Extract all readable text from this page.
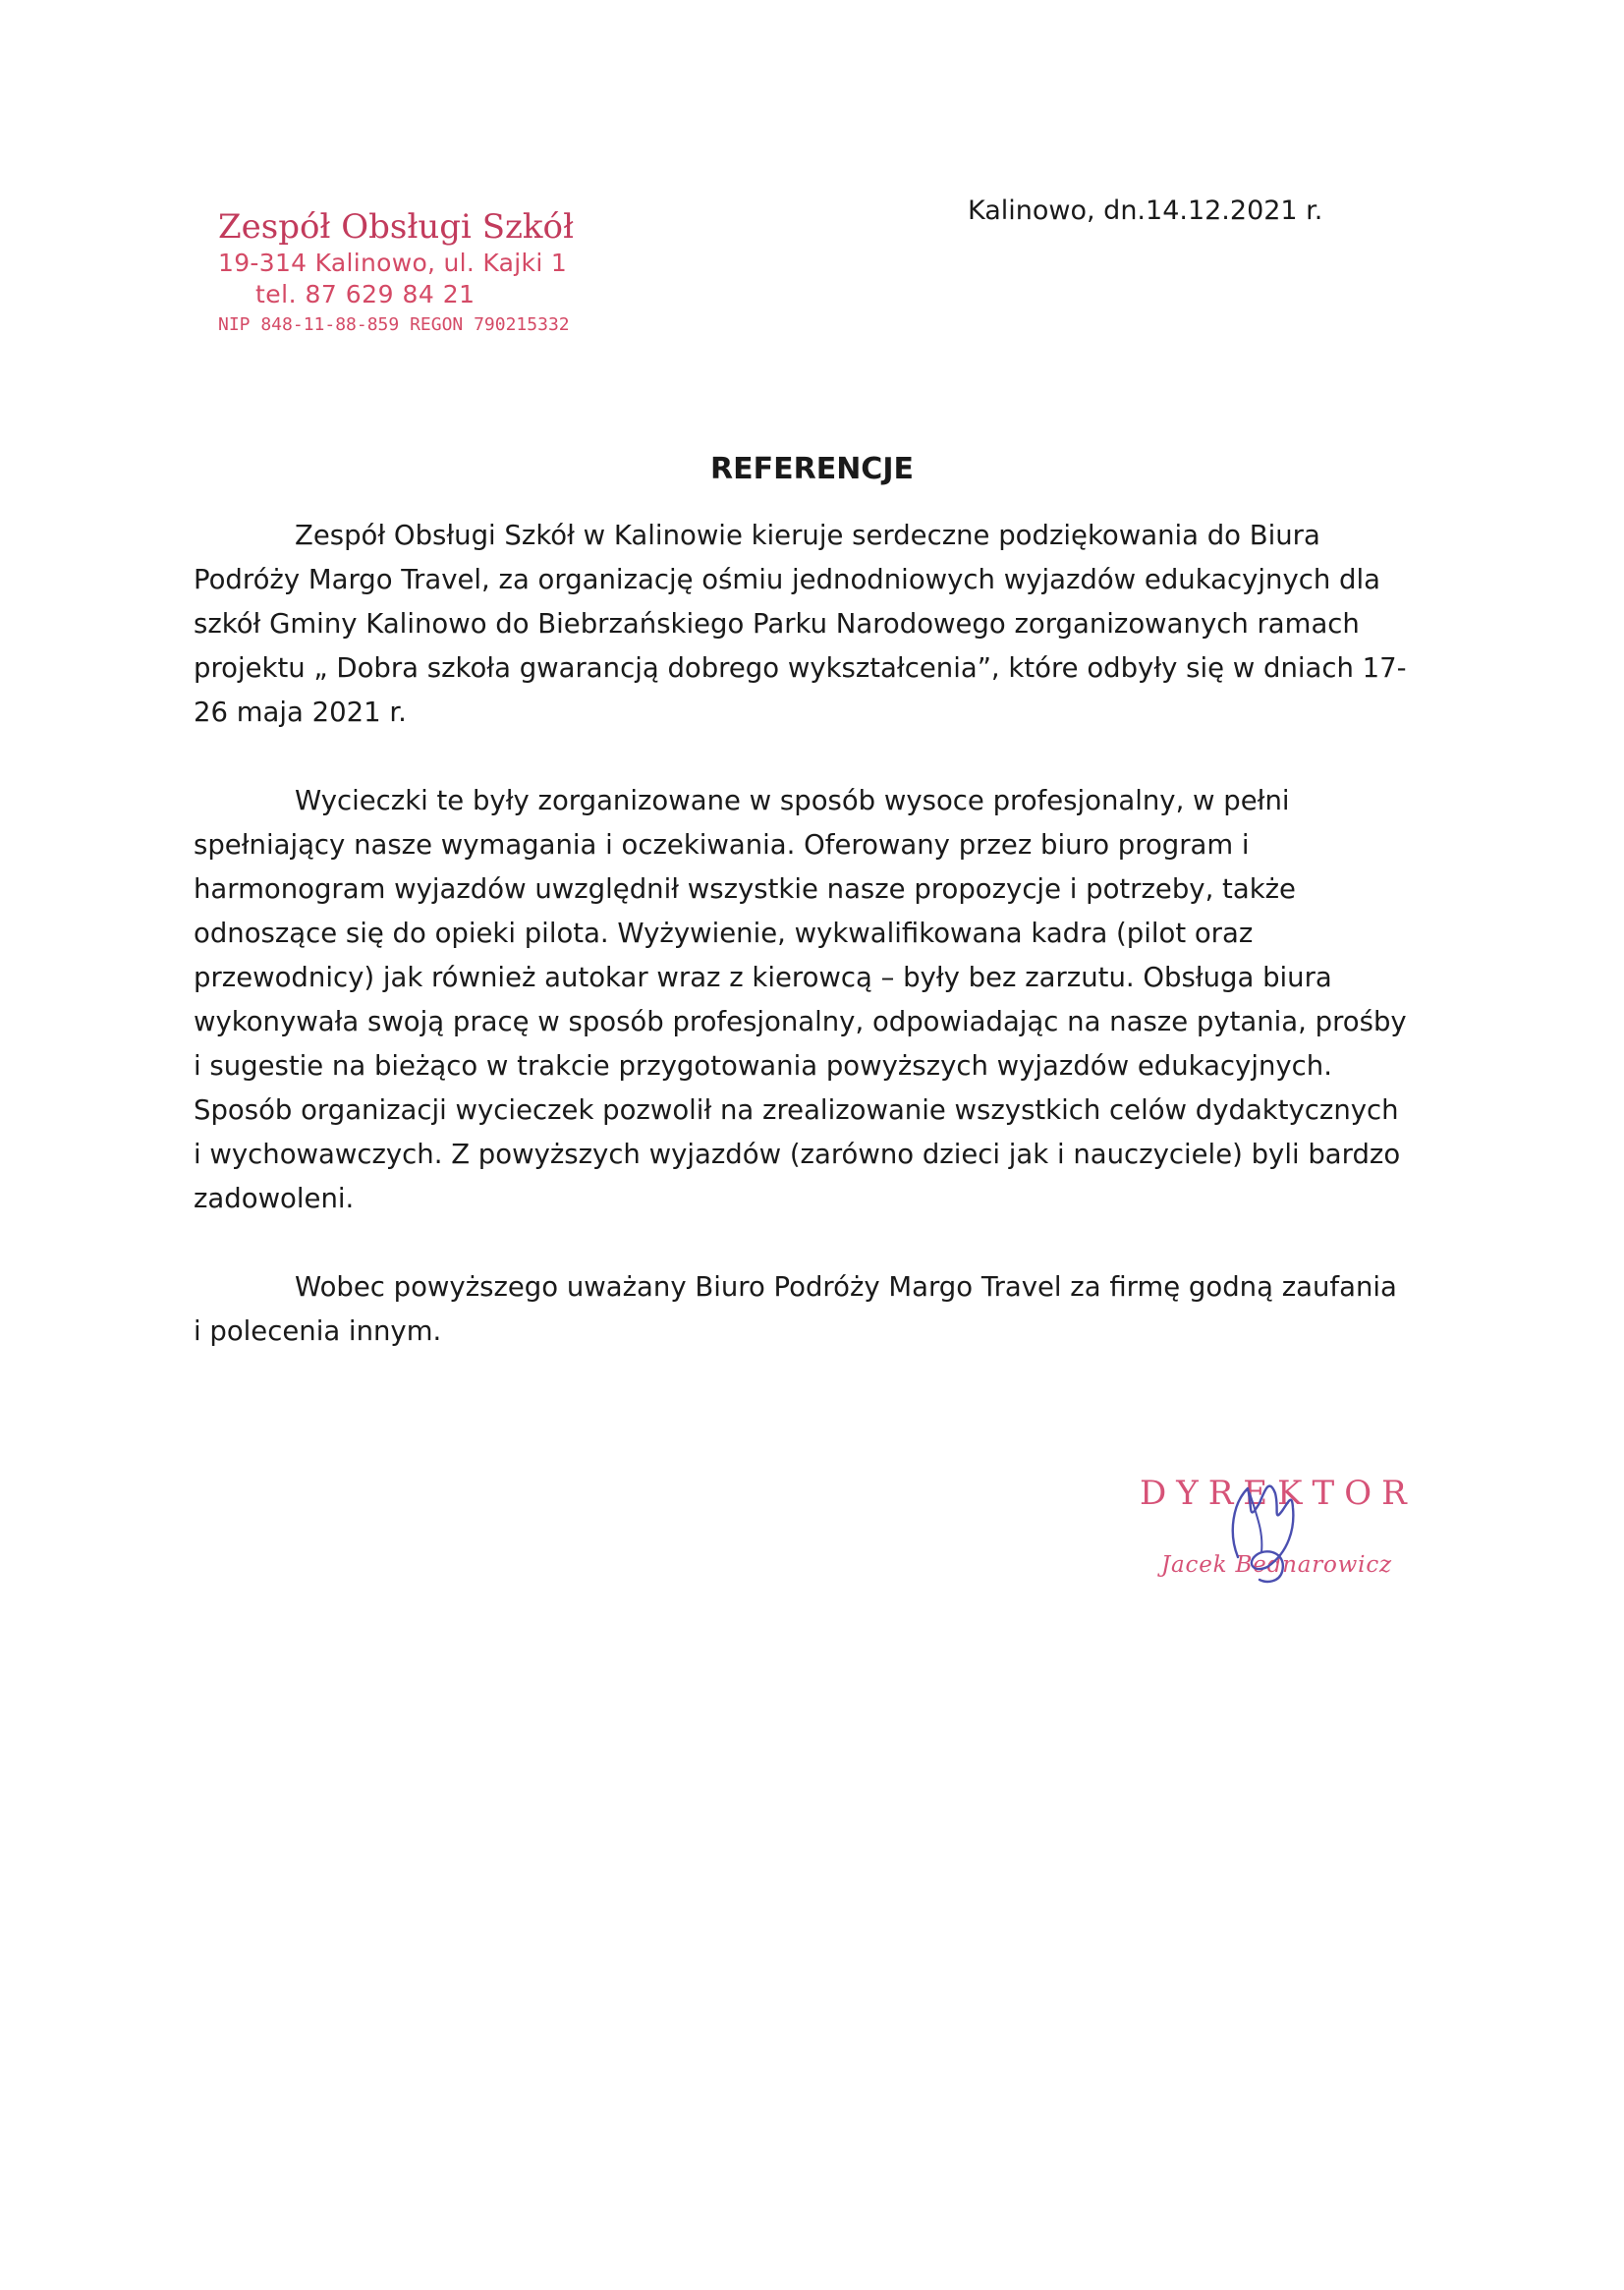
Zespół Obsługi Szkół
19-314 Kalinowo, ul. Kajki 1
tel. 87 629 84 21
NIP 848-11-88-859 REGON 790215332
Kalinowo, dn.14.12.2021 r.
REFERENCJE

Zespół Obsługi Szkół w Kalinowie kieruje serdeczne podziękowania do Biura Podróży Margo Travel, za organizację ośmiu jednodniowych wyjazdów edukacyjnych dla szkół Gminy Kalinowo do Biebrzańskiego Parku Narodowego zorganizowanych ramach projektu „ Dobra szkoła gwarancją dobrego wykształcenia”, które odbyły się w dniach 17-26 maja 2021 r.

Wycieczki te były zorganizowane w sposób wysoce profesjonalny, w pełni spełniający nasze wymagania i oczekiwania. Oferowany przez biuro program i harmonogram wyjazdów uwzględnił wszystkie nasze propozycje i potrzeby, także odnoszące się do opieki pilota. Wyżywienie, wykwalifikowana kadra (pilot oraz przewodnicy) jak również autokar wraz z kierowcą – były bez zarzutu. Obsługa biura wykonywała swoją pracę w sposób profesjonalny, odpowiadając na nasze pytania, prośby i sugestie na bieżąco w trakcie przygotowania powyższych wyjazdów edukacyjnych. Sposób organizacji wycieczek pozwolił na zrealizowanie wszystkich celów dydaktycznych i wychowawczych. Z powyższych wyjazdów (zarówno dzieci jak i nauczyciele) byli bardzo zadowoleni.

Wobec powyższego uważany Biuro Podróży Margo Travel za firmę godną zaufania i polecenia innym.

DYREKTOR
Jacek Bednarowicz
